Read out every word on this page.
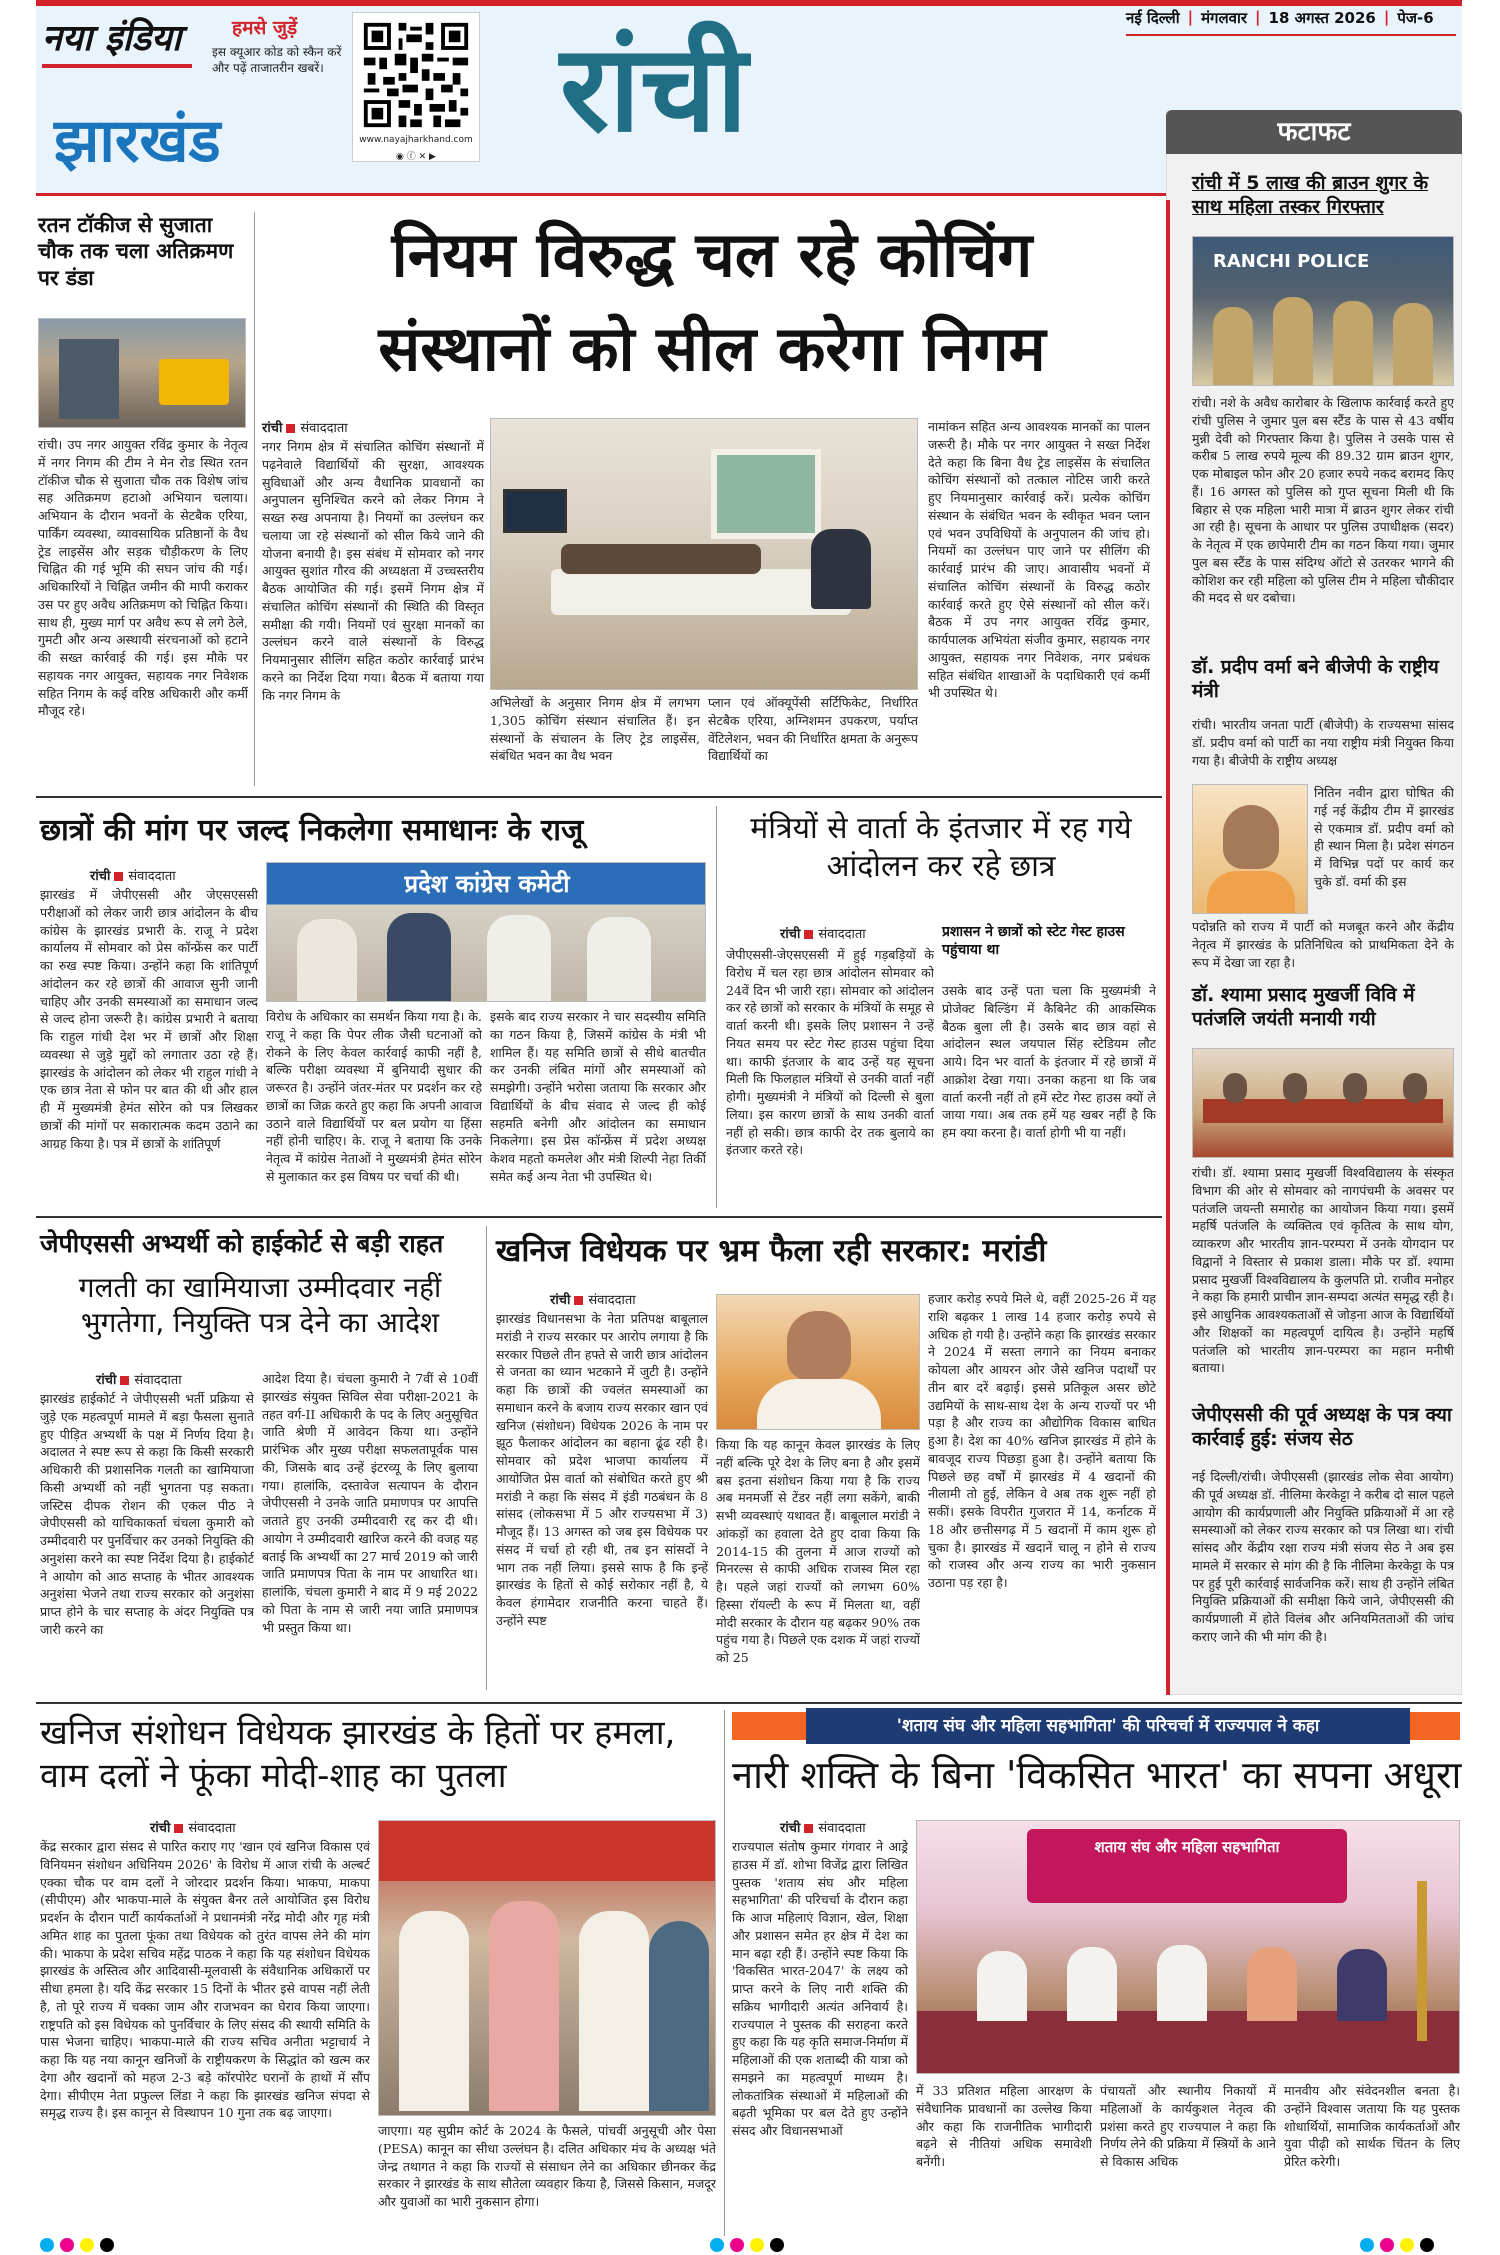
नया इंडिया
झारखंड
हमसे जुड़ें
इस क्यूआर कोड को स्कैन करें और पढ़ें ताजातरीन खबरें।
www.nayajharkhand.com
◉ ⓕ ✕ ▶	रांची
नई दिल्ली | मंगलवार | 18 अगस्त 2026 | पेज-6
रतन टॉकीज से सुजाता चौक तक चला अतिक्रमण पर डंडा
रांची। उप नगर आयुक्त रविंद्र कुमार के नेतृत्व में नगर निगम की टीम ने मेन रोड स्थित रतन टॉकीज चौक से सुजाता चौक तक विशेष जांच सह अतिक्रमण हटाओ अभियान चलाया। अभियान के दौरान भवनों के सेटबैक एरिया, पार्किंग व्यवस्था, व्यावसायिक प्रतिष्ठानों के वैध ट्रेड लाइसेंस और सड़क चौड़ीकरण के लिए चिह्नित की गई भूमि की सघन जांच की गई। अधिकारियों ने चिह्नित जमीन की मापी कराकर उस पर हुए अवैध अतिक्रमण को चिह्नित किया। साथ ही, मुख्य मार्ग पर अवैध रूप से लगे ठेले, गुमटी और अन्य अस्थायी संरचनाओं को हटाने की सख्त कार्रवाई की गई। इस मौके पर सहायक नगर आयुक्त, सहायक नगर निवेशक सहित निगम के कई वरिष्ठ अधिकारी और कर्मी मौजूद रहे।
नियम विरुद्ध चल रहे कोचिंग
संस्थानों को सील करेगा निगम
रांची संवाददाता
नगर निगम क्षेत्र में संचालित कोचिंग संस्थानों में पढ़नेवाले विद्यार्थियों की सुरक्षा, आवश्यक सुविधाओं और अन्य वैधानिक प्रावधानों का अनुपालन सुनिश्चित करने को लेकर निगम ने सख्त रुख अपनाया है। नियमों का उल्लंघन कर चलाया जा रहे संस्थानों को सील किये जाने की योजना बनायी है। इस संबंध में सोमवार को नगर आयुक्त सुशांत गौरव की अध्यक्षता में उच्चस्तरीय बैठक आयोजित की गई। इसमें निगम क्षेत्र में संचालित कोचिंग संस्थानों की स्थिति की विस्तृत समीक्षा की गयी। नियमों एवं सुरक्षा मानकों का उल्लंघन करने वाले संस्थानों के विरुद्ध नियमानुसार सीलिंग सहित कठोर कार्रवाई प्रारंभ करने का निर्देश दिया गया। बैठक में बताया गया कि नगर निगम के	अभिलेखों के अनुसार निगम क्षेत्र में लगभग 1,305 कोचिंग संस्थान संचालित हैं। इन संस्थानों के संचालन के लिए ट्रेड लाइसेंस, संबंधित भवन का वैध भवन
प्लान एवं ऑक्यूपेंसी सर्टिफिकेट, निर्धारित सेटबैक एरिया, अग्निशमन उपकरण, पर्याप्त वेंटिलेशन, भवन की निर्धारित क्षमता के अनुरूप विद्यार्थियों का
नामांकन सहित अन्य आवश्यक मानकों का पालन जरूरी है। मौके पर नगर आयुक्त ने सख्त निर्देश देते कहा कि बिना वैध ट्रेड लाइसेंस के संचालित कोचिंग संस्थानों को तत्काल नोटिस जारी करते हुए नियमानुसार कार्रवाई करें। प्रत्येक कोचिंग संस्थान के संबंधित भवन के स्वीकृत भवन प्लान एवं भवन उपविधियों के अनुपालन की जांच हो। नियमों का उल्लंघन पाए जाने पर सीलिंग की कार्रवाई प्रारंभ की जाए। आवासीय भवनों में संचालित कोचिंग संस्थानों के विरुद्ध कठोर कार्रवाई करते हुए ऐसे संस्थानों को सील करें। बैठक में उप नगर आयुक्त रविंद्र कुमार, कार्यपालक अभियंता संजीव कुमार, सहायक नगर आयुक्त, सहायक नगर निवेशक, नगर प्रबंधक सहित संबंधित शाखाओं के पदाधिकारी एवं कर्मी भी उपस्थित थे।
फटाफट
रांची में 5 लाख की ब्राउन शुगर के साथ महिला तस्कर गिरफ्तार
RANCHI POLICE
रांची। नशे के अवैध कारोबार के खिलाफ कार्रवाई करते हुए रांची पुलिस ने जुमार पुल बस स्टैंड के पास से 43 वर्षीय मुन्नी देवी को गिरफ्तार किया है। पुलिस ने उसके पास से करीब 5 लाख रुपये मूल्य की 89.32 ग्राम ब्राउन शुगर, एक मोबाइल फोन और 20 हजार रुपये नकद बरामद किए हैं। 16 अगस्त को पुलिस को गुप्त सूचना मिली थी कि बिहार से एक महिला भारी मात्रा में ब्राउन शुगर लेकर रांची आ रही है। सूचना के आधार पर पुलिस उपाधीक्षक (सदर) के नेतृत्व में एक छापेमारी टीम का गठन किया गया। जुमार पुल बस स्टैंड के पास संदिग्ध ऑटो से उतरकर भागने की कोशिश कर रही महिला को पुलिस टीम ने महिला चौकीदार की मदद से धर दबोचा।
डॉ. प्रदीप वर्मा बने बीजेपी के राष्ट्रीय मंत्री
रांची। भारतीय जनता पार्टी (बीजेपी) के राज्यसभा सांसद डॉ. प्रदीप वर्मा को पार्टी का नया राष्ट्रीय मंत्री नियुक्त किया गया है। बीजेपी के राष्ट्रीय अध्यक्ष
नितिन नवीन द्वारा घोषित की गई नई केंद्रीय टीम में झारखंड से एकमात्र डॉ. प्रदीप वर्मा को ही स्थान मिला है। प्रदेश संगठन में विभिन्न पदों पर कार्य कर चुके डॉ. वर्मा की इस
पदोन्नति को राज्य में पार्टी को मजबूत करने और केंद्रीय नेतृत्व में झारखंड के प्रतिनिधित्व को प्राथमिकता देने के रूप में देखा जा रहा है।
डॉ. श्यामा प्रसाद मुखर्जी विवि में पतंजलि जयंती मनायी गयी
रांची। डॉ. श्यामा प्रसाद मुखर्जी विश्वविद्यालय के संस्कृत विभाग की ओर से सोमवार को नागपंचमी के अवसर पर पतंजलि जयन्ती समारोह का आयोजन किया गया। इसमें महर्षि पतंजलि के व्यक्तित्व एवं कृतित्व के साथ योग, व्याकरण और भारतीय ज्ञान-परम्परा में उनके योगदान पर विद्वानों ने विस्तार से प्रकाश डाला। मौके पर डॉ. श्यामा प्रसाद मुखर्जी विश्वविद्यालय के कुलपति प्रो. राजीव मनोहर ने कहा कि हमारी प्राचीन ज्ञान-सम्पदा अत्यंत समृद्ध रही है। इसे आधुनिक आवश्यकताओं से जोड़ना आज के विद्यार्थियों और शिक्षकों का महत्वपूर्ण दायित्व है। उन्होंने महर्षि पतंजलि को भारतीय ज्ञान-परम्परा का महान मनीषी बताया।
जेपीएससी की पूर्व अध्यक्ष के पत्र क्या कार्रवाई हुई: संजय सेठ
नई दिल्ली/रांची। जेपीएससी (झारखंड लोक सेवा आयोग) की पूर्व अध्यक्ष डॉ. नीलिमा केरकेट्टा ने करीब दो साल पहले आयोग की कार्यप्रणाली और नियुक्ति प्रक्रियाओं में आ रहे समस्याओं को लेकर राज्य सरकार को पत्र लिखा था। रांची सांसद और केंद्रीय रक्षा राज्य मंत्री संजय सेठ ने अब इस मामले में सरकार से मांग की है कि नीलिमा केरकेट्टा के पत्र पर हुई पूरी कार्रवाई सार्वजनिक करें। साथ ही उन्होंने लंबित नियुक्ति प्रक्रियाओं की समीक्षा किये जाने, जेपीएससी की कार्यप्रणाली में होते विलंब और अनियमितताओं की जांच कराए जाने की भी मांग की है।
छात्रों की मांग पर जल्द निकलेगा समाधानः के राजू
रांची संवाददाता
झारखंड में जेपीएससी और जेएसएससी परीक्षाओं को लेकर जारी छात्र आंदोलन के बीच कांग्रेस के झारखंड प्रभारी के. राजू ने प्रदेश कार्यालय में सोमवार को प्रेस कॉन्फ्रेंस कर पार्टी का रुख स्पष्ट किया। उन्होंने कहा कि शांतिपूर्ण आंदोलन कर रहे छात्रों की आवाज सुनी जानी चाहिए और उनकी समस्याओं का समाधान जल्द से जल्द होना जरूरी है। कांग्रेस प्रभारी ने बताया कि राहुल गांधी देश भर में छात्रों और शिक्षा व्यवस्था से जुड़े मुद्दों को लगातार उठा रहे हैं। झारखंड के आंदोलन को लेकर भी राहुल गांधी ने एक छात्र नेता से फोन पर बात की थी और हाल ही में मुख्यमंत्री हेमंत सोरेन को पत्र लिखकर छात्रों की मांगों पर सकारात्मक कदम उठाने का आग्रह किया है। पत्र में छात्रों के शांतिपूर्ण
प्रदेश कांग्रेस कमेटी
विरोध के अधिकार का समर्थन किया गया है। के. राजू ने कहा कि पेपर लीक जैसी घटनाओं को रोकने के लिए केवल कार्रवाई काफी नहीं है, बल्कि परीक्षा व्यवस्था में बुनियादी सुधार की जरूरत है। उन्होंने जंतर-मंतर पर प्रदर्शन कर रहे छात्रों का जिक्र करते हुए कहा कि अपनी आवाज उठाने वाले विद्यार्थियों पर बल प्रयोग या हिंसा नहीं होनी चाहिए। के. राजू ने बताया कि उनके नेतृत्व में कांग्रेस नेताओं ने मुख्यमंत्री हेमंत सोरेन से मुलाकात कर इस विषय पर चर्चा की थी।
इसके बाद राज्य सरकार ने चार सदस्यीय समिति का गठन किया है, जिसमें कांग्रेस के मंत्री भी शामिल हैं। यह समिति छात्रों से सीधे बातचीत कर उनकी लंबित मांगों और समस्याओं को समझेगी। उन्होंने भरोसा जताया कि सरकार और विद्यार्थियों के बीच संवाद से जल्द ही कोई सहमति बनेगी और आंदोलन का समाधान निकलेगा। इस प्रेस कॉन्फ्रेंस में प्रदेश अध्यक्ष केशव महतो कमलेश और मंत्री शिल्पी नेहा तिर्की समेत कई अन्य नेता भी उपस्थित थे।
मंत्रियों से वार्ता के इंतजार में रह गये आंदोलन कर रहे छात्र
रांची संवाददाता
जेपीएससी-जेएसएससी में हुई गड़बड़ियों के विरोध में चल रहा छात्र आंदोलन सोमवार को 24वें दिन भी जारी रहा। सोमवार को आंदोलन कर रहे छात्रों को सरकार के मंत्रियों के समूह से वार्ता करनी थी। इसके लिए प्रशासन ने उन्हें नियत समय पर स्टेट गेस्ट हाउस पहुंचा दिया था। काफी इंतजार के बाद उन्हें यह सूचना मिली कि फिलहाल मंत्रियों से उनकी वार्ता नहीं होगी। मुख्यमंत्री ने मंत्रियों को दिल्ली से बुला लिया। इस कारण छात्रों के साथ उनकी वार्ता नहीं हो सकी। छात्र काफी देर तक बुलाये का इंतजार करते रहे।
प्रशासन ने छात्रों को स्टेट गेस्ट हाउस पहुंचाया था
उसके बाद उन्हें पता चला कि मुख्यमंत्री ने प्रोजेक्ट बिल्डिंग में कैबिनेट की आकस्मिक बैठक बुला ली है। उसके बाद छात्र वहां से आंदोलन स्थल जयपाल सिंह स्टेडियम लौट आये। दिन भर वार्ता के इंतजार में रहे छात्रों में आक्रोश देखा गया। उनका कहना था कि जब वार्ता करनी नहीं तो हमें स्टेट गेस्ट हाउस क्यों ले जाया गया। अब तक हमें यह खबर नहीं है कि हम क्या करना है। वार्ता होगी भी या नहीं।
जेपीएससी अभ्यर्थी को हाईकोर्ट से बड़ी राहत
गलती का खामियाजा उम्मीदवार नहीं भुगतेगा, नियुक्ति पत्र देने का आदेश
रांची संवाददाता
झारखंड हाईकोर्ट ने जेपीएससी भर्ती प्रक्रिया से जुड़े एक महत्वपूर्ण मामले में बड़ा फैसला सुनाते हुए पीड़ित अभ्यर्थी के पक्ष में निर्णय दिया है। अदालत ने स्पष्ट रूप से कहा कि किसी सरकारी अधिकारी की प्रशासनिक गलती का खामियाजा किसी अभ्यर्थी को नहीं भुगतना पड़ सकता। जस्टिस दीपक रोशन की एकल पीठ ने जेपीएससी को याचिकाकर्ता चंचला कुमारी को उम्मीदवारी पर पुनर्विचार कर उनको नियुक्ति की अनुशंसा करने का स्पष्ट निर्देश दिया है। हाईकोर्ट ने आयोग को आठ सप्ताह के भीतर आवश्यक अनुशंसा भेजने तथा राज्य सरकार को अनुशंसा प्राप्त होने के चार सप्ताह के अंदर नियुक्ति पत्र जारी करने का
आदेश दिया है। चंचला कुमारी ने 7वीं से 10वीं झारखंड संयुक्त सिविल सेवा परीक्षा-2021 के तहत वर्ग-II अधिकारी के पद के लिए अनुसूचित जाति श्रेणी में आवेदन किया था। उन्होंने प्रारंभिक और मुख्य परीक्षा सफलतापूर्वक पास की, जिसके बाद उन्हें इंटरव्यू के लिए बुलाया गया। हालांकि, दस्तावेज सत्यापन के दौरान जेपीएससी ने उनके जाति प्रमाणपत्र पर आपत्ति जताते हुए उनकी उम्मीदवारी रद्द कर दी थी। आयोग ने उम्मीदवारी खारिज करने की वजह यह बताई कि अभ्यर्थी का 27 मार्च 2019 को जारी जाति प्रमाणपत्र पिता के नाम पर आधारित था। हालांकि, चंचला कुमारी ने बाद में 9 मई 2022 को पिता के नाम से जारी नया जाति प्रमाणपत्र भी प्रस्तुत किया था।
खनिज विधेयक पर भ्रम फैला रही सरकार: मरांडी
रांची संवाददाता
झारखंड विधानसभा के नेता प्रतिपक्ष बाबूलाल मरांडी ने राज्य सरकार पर आरोप लगाया है कि सरकार पिछले तीन हफ्ते से जारी छात्र आंदोलन से जनता का ध्यान भटकाने में जुटी है। उन्होंने कहा कि छात्रों की ज्वलंत समस्याओं का समाधान करने के बजाय राज्य सरकार खान एवं खनिज (संशोधन) विधेयक 2026 के नाम पर झूठ फैलाकर आंदोलन का बहाना ढूंढ रही है। सोमवार को प्रदेश भाजपा कार्यालय में आयोजित प्रेस वार्ता को संबोधित करते हुए श्री मरांडी ने कहा कि संसद में इंडी गठबंधन के 8 सांसद (लोकसभा में 5 और राज्यसभा में 3) मौजूद हैं। 13 अगस्त को जब इस विधेयक पर संसद में चर्चा हो रही थी, तब इन सांसदों ने भाग तक नहीं लिया। इससे साफ है कि इन्हें झारखंड के हितों से कोई सरोकार नहीं है, ये केवल हंगामेदार राजनीति करना चाहते हैं। उन्होंने स्पष्ट
किया कि यह कानून केवल झारखंड के लिए नहीं बल्कि पूरे देश के लिए बना है और इसमें बस इतना संशोधन किया गया है कि राज्य अब मनमर्जी से टेंडर नहीं लगा सकेंगे, बाकी सभी व्यवस्थाएं यथावत हैं। बाबूलाल मरांडी ने आंकड़ों का हवाला देते हुए दावा किया कि 2014-15 की तुलना में आज राज्यों को मिनरल्स से काफी अधिक राजस्व मिल रहा है। पहले जहां राज्यों को लगभग 60% हिस्सा रॉयल्टी के रूप में मिलता था, वहीं मोदी सरकार के दौरान यह बढ़कर 90% तक पहुंच गया है। पिछले एक दशक में जहां राज्यों को 25
हजार करोड़ रुपये मिले थे, वहीं 2025-26 में यह राशि बढ़कर 1 लाख 14 हजार करोड़ रुपये से अधिक हो गयी है। उन्होंने कहा कि झारखंड सरकार ने 2024 में सस्ता लगाने का नियम बनाकर कोयला और आयरन ओर जैसे खनिज पदार्थों पर तीन बार दरें बढ़ाई। इससे प्रतिकूल असर छोटे उद्यमियों के साथ-साथ देश के अन्य राज्यों पर भी पड़ा है और राज्य का औद्योगिक विकास बाधित हुआ है। देश का 40% खनिज झारखंड में होने के बावजूद राज्य पिछड़ा हुआ है। उन्होंने बताया कि पिछले छह वर्षों में झारखंड में 4 खदानों की नीलामी तो हुई, लेकिन वे अब तक शुरू नहीं हो सकीं। इसके विपरीत गुजरात में 14, कर्नाटक में 18 और छत्तीसगढ़ में 5 खदानों में काम शुरू हो चुका है। झारखंड में खदानें चालू न होने से राज्य को राजस्व और अन्य राज्य का भारी नुकसान उठाना पड़ रहा है।
खनिज संशोधन विधेयक झारखंड के हितों पर हमला, वाम दलों ने फूंका मोदी-शाह का पुतला
रांची संवाददाता
केंद्र सरकार द्वारा संसद से पारित कराए गए 'खान एवं खनिज विकास एवं विनियमन संशोधन अधिनियम 2026' के विरोध में आज रांची के अल्बर्ट एक्का चौक पर वाम दलों ने जोरदार प्रदर्शन किया। भाकपा, माकपा (सीपीएम) और भाकपा-माले के संयुक्त बैनर तले आयोजित इस विरोध प्रदर्शन के दौरान पार्टी कार्यकर्ताओं ने प्रधानमंत्री नरेंद्र मोदी और गृह मंत्री अमित शाह का पुतला फूंका तथा विधेयक को तुरंत वापस लेने की मांग की। भाकपा के प्रदेश सचिव महेंद्र पाठक ने कहा कि यह संशोधन विधेयक झारखंड के अस्तित्व और आदिवासी-मूलवासी के संवैधानिक अधिकारों पर सीधा हमला है। यदि केंद्र सरकार 15 दिनों के भीतर इसे वापस नहीं लेती है, तो पूरे राज्य में चक्का जाम और राजभवन का घेराव किया जाएगा। राष्ट्रपति को इस विधेयक को पुनर्विचार के लिए संसद की स्थायी समिति के पास भेजना चाहिए। भाकपा-माले की राज्य सचिव अनीता भट्टाचार्य ने कहा कि यह नया कानून खनिजों के राष्ट्रीयकरण के सिद्धांत को खत्म कर देगा और खदानों को महज 2-3 बड़े कॉरपोरेट घरानों के हाथों में सौंप देगा। सीपीएम नेता प्रफुल्ल लिंडा ने कहा कि झारखंड खनिज संपदा से समृद्ध राज्य है। इस कानून से विस्थापन 10 गुना तक बढ़ जाएगा।
जाएगा। यह सुप्रीम कोर्ट के 2024 के फैसले, पांचवीं अनुसूची और पेसा (PESA) कानून का सीधा उल्लंघन है। दलित अधिकार मंच के अध्यक्ष भंते जेन्द्र तथागत ने कहा कि राज्यों से संसाधन लेने का अधिकार छीनकर केंद्र सरकार ने झारखंड के साथ सौतेला व्यवहार किया है, जिससे किसान, मजदूर और युवाओं का भारी नुकसान होगा।
'शताय संघ और महिला सहभागिता' की परिचर्चा में राज्यपाल ने कहा
नारी शक्ति के बिना 'विकसित भारत' का सपना अधूरा
रांची संवाददाता
राज्यपाल संतोष कुमार गंगवार ने आड्रे हाउस में डॉ. शोभा विजेंद्र द्वारा लिखित पुस्तक 'शताय संघ और महिला सहभागिता' की परिचर्चा के दौरान कहा कि आज महिलाएं विज्ञान, खेल, शिक्षा और प्रशासन समेत हर क्षेत्र में देश का मान बढ़ा रही हैं। उन्होंने स्पष्ट किया कि 'विकसित भारत-2047' के लक्ष्य को प्राप्त करने के लिए नारी शक्ति की सक्रिय भागीदारी अत्यंत अनिवार्य है। राज्यपाल ने पुस्तक की सराहना करते हुए कहा कि यह कृति समाज-निर्माण में महिलाओं की एक शताब्दी की यात्रा को समझने का महत्वपूर्ण माध्यम है। लोकतांत्रिक संस्थाओं में महिलाओं की बढ़ती भूमिका पर बल देते हुए उन्होंने संसद और विधानसभाओं
शताय संघ और महिला सहभागिता
में 33 प्रतिशत महिला आरक्षण के संवैधानिक प्रावधानों का उल्लेख किया और कहा कि राजनीतिक भागीदारी बढ़ने से नीतियां अधिक समावेशी बनेंगी।
पंचायतों और स्थानीय निकायों में महिलाओं के कार्यकुशल नेतृत्व की प्रशंसा करते हुए राज्यपाल ने कहा कि निर्णय लेने की प्रक्रिया में स्त्रियों के आने से विकास अधिक
मानवीय और संवेदनशील बनता है। उन्होंने विश्वास जताया कि यह पुस्तक शोधार्थियों, सामाजिक कार्यकर्ताओं और युवा पीढ़ी को सार्थक चिंतन के लिए प्रेरित करेगी।
